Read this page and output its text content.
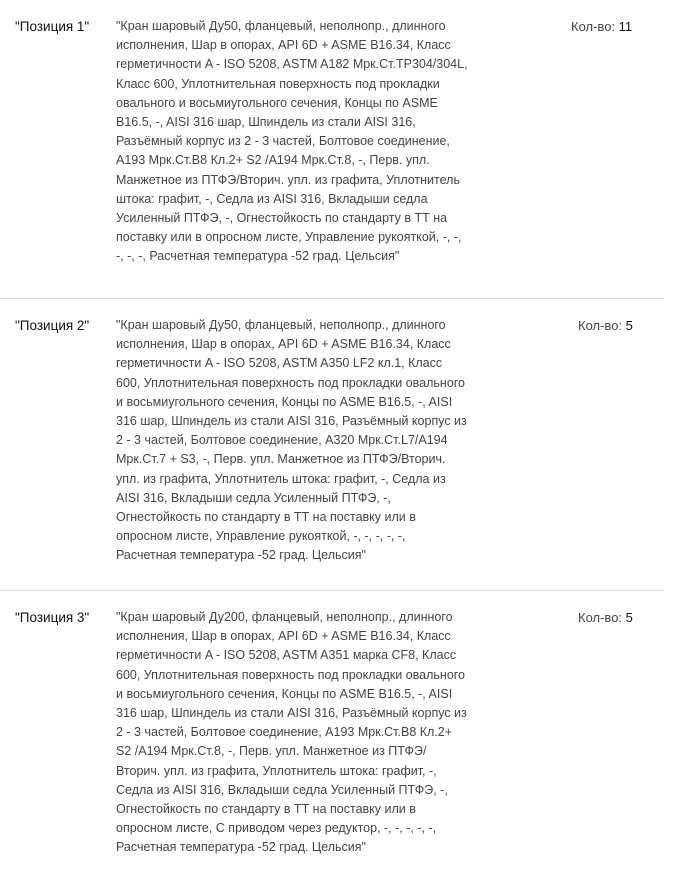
"Позиция 1" "Кран шаровый Ду50, фланцевый, неполнопр., длинного исполнения, Шар в опорах, API 6D + ASME B16.34, Класс герметичности A - ISO 5208, ASTM A182 Мрк.Ст.ТР304/304L, Класс 600, Уплотнительная поверхность под прокладки овального и восьмиугольного сечения, Концы по ASME B16.5, -, AISI 316 шар, Шпиндель из стали AISI 316, Разъёмный корпус из 2 - 3 частей, Болтовое соединение, A193 Мрк.Ст.B8 Кл.2+ S2 /A194 Мрк.Ст.8, -, Перв. упл. Манжетное из ПТФЭ/Вторич. упл. из графита, Уплотнитель штока: графит, -, Седла из AISI 316, Вкладыши седла Усиленный ПТФЭ, -, Огнестойкость по стандарту в ТТ на поставку или в опросном листе, Управление рукояткой, -, -, -, -, -, Расчетная температура -52 град. Цельсия"
Кол-во: 11
"Позиция 2" "Кран шаровый Ду50, фланцевый, неполнопр., длинного исполнения, Шар в опорах, API 6D + ASME B16.34, Класс герметичности A - ISO 5208, ASTM A350 LF2 кл.1, Класс 600, Уплотнительная поверхность под прокладки овального и восьмиугольного сечения, Концы по ASME B16.5, -, AISI 316 шар, Шпиндель из стали AISI 316, Разъёмный корпус из 2 - 3 частей, Болтовое соединение, A320 Мрк.Ст.L7/A194 Мрк.Ст.7 + S3, -, Перв. упл. Манжетное из ПТФЭ/Вторич. упл. из графита, Уплотнитель штока: графит, -, Седла из AISI 316, Вкладыши седла Усиленный ПТФЭ, -, Огнестойкость по стандарту в ТТ на поставку или в опросном листе, Управление рукояткой, -, -, -, -, -, Расчетная температура -52 град. Цельсия"
Кол-во: 5
"Позиция 3" "Кран шаровый Ду200, фланцевый, неполнопр., длинного исполнения, Шар в опорах, API 6D + ASME B16.34, Класс герметичности A - ISO 5208, ASTM A351 марка CF8, Класс 600, Уплотнительная поверхность под прокладки овального и восьмиугольного сечения, Концы по ASME B16.5, -, AISI 316 шар, Шпиндель из стали AISI 316, Разъёмный корпус из 2 - 3 частей, Болтовое соединение, A193 Мрк.Ст.B8 Кл.2+ S2 /A194 Мрк.Ст.8, -, Перв. упл. Манжетное из ПТФЭ/Вторич. упл. из графита, Уплотнитель штока: графит, -, Седла из AISI 316, Вкладыши седла Усиленный ПТФЭ, -, Огнестойкость по стандарту в ТТ на поставку или в опросном листе, С приводом через редуктор, -, -, -, -, -, Расчетная температура -52 град. Цельсия"
Кол-во: 5
